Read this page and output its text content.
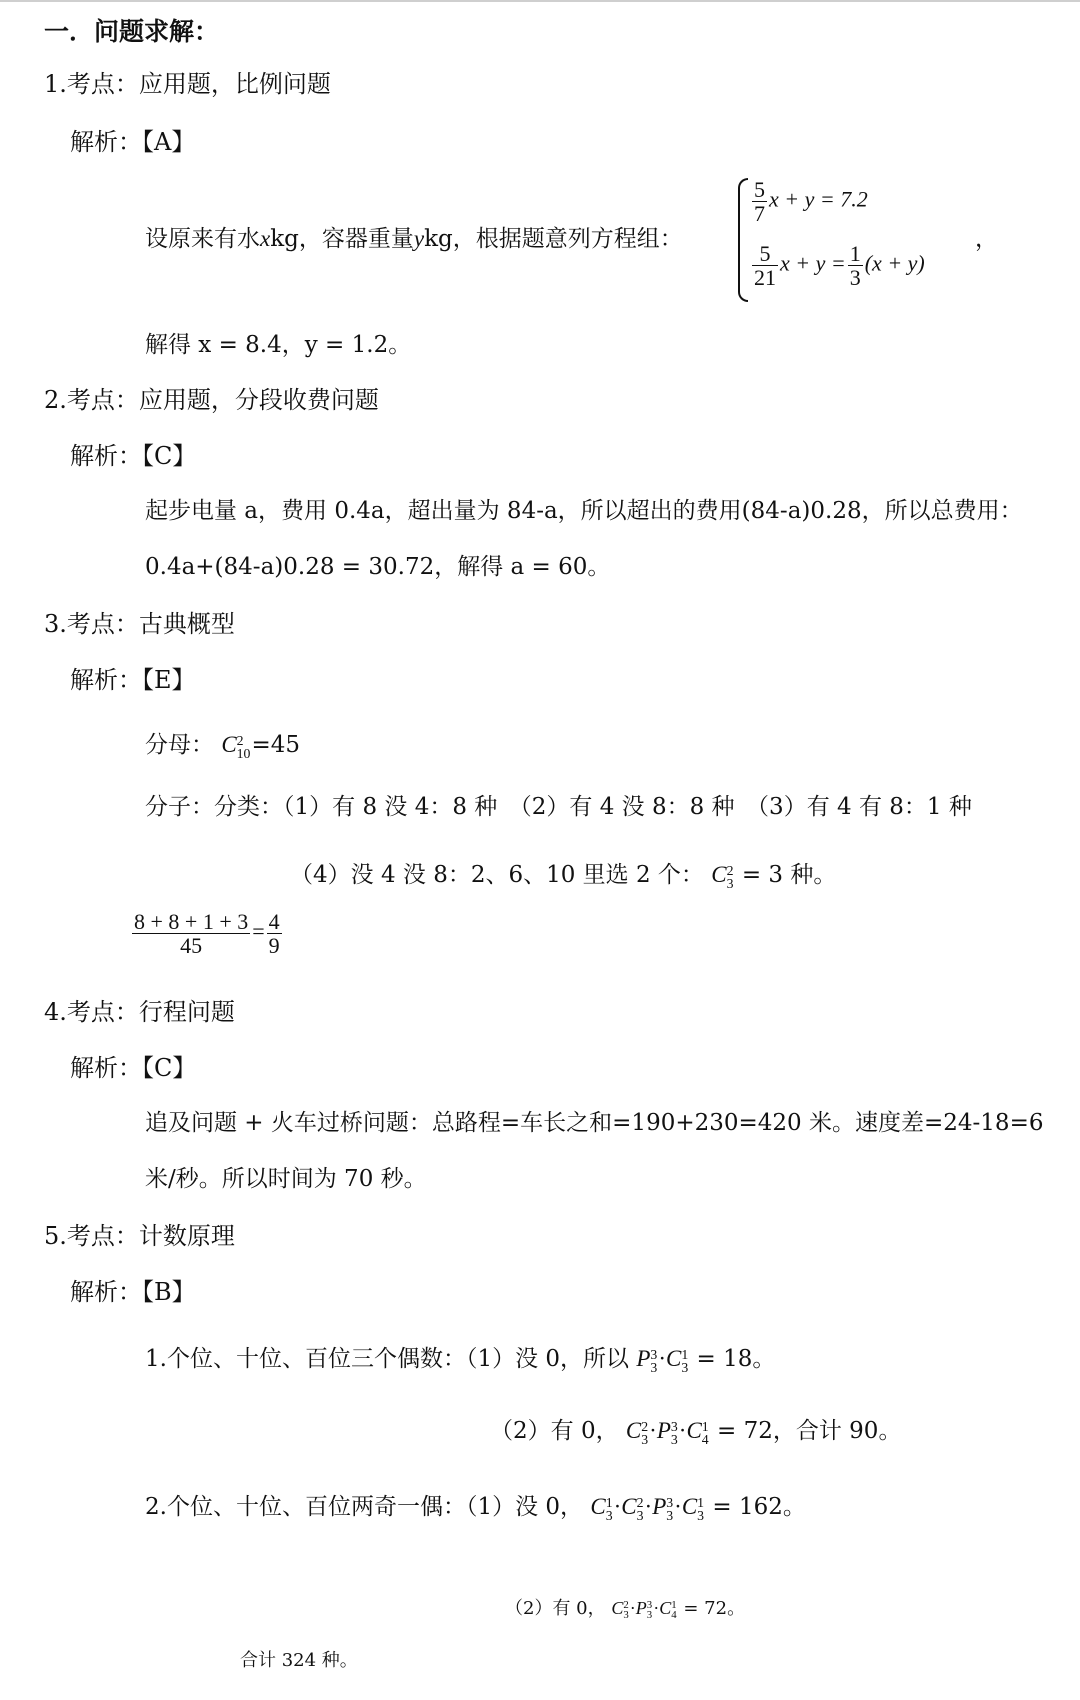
一．问题求解：
1.考点：应用题，比例问题
解析：【A】
设原来有水xkg，容器重量ykg，根据题意列方程组：
$\frac{5}{7}$ x + y = 7.2
$\frac{5}{21}$ $x + y = \frac{1}{3} (x + y)$
，
解得 x = 8.4，y = 1.2。
2.考点：应用题，分段收费问题
解析：【C】
起步电量 a，费用 0.4a，超出量为 84-a，所以超出的费用(84-a)0.28，所以总费用：
0.4a+(84-a)0.28 = 30.72，解得 a = 60。
3.考点：古典概型
解析：【E】
分母： C 2
10 =45
分子：分类：（1）有 8 没 4：8 种　（2）有 4 没 8：8 种　（3）有 4 有 8：1 种
（4）没 4 没 8：2、6、10 里选 2 个： C 2
3 = 3 种。
$\frac{8 + 8 + 1 + 3}{45} = \frac{4}{9}$
4.考点：行程问题
解析：【C】
追及问题 + 火车过桥问题：总路程=车长之和=190+230=420 米。速度差=24-18=6
米/秒。所以时间为 70 秒。
5.考点：计数原理
解析：【B】
1.个位、十位、百位三个偶数：（1）没 0，所以 P 3
3 ·C 1
3 = 18。
（2）有 0， C 2
3 ·P 3
3 ·C 1
4 = 72，合计 90。
2.个位、十位、百位两奇一偶：（1）没 0， C 1
3 ·C 2
3 ·P 3
3 ·C 1
3 = 162。
（2）有 0， C 2
3 ·P 3
3 ·C 1
4 = 72。
合计 324 种。
